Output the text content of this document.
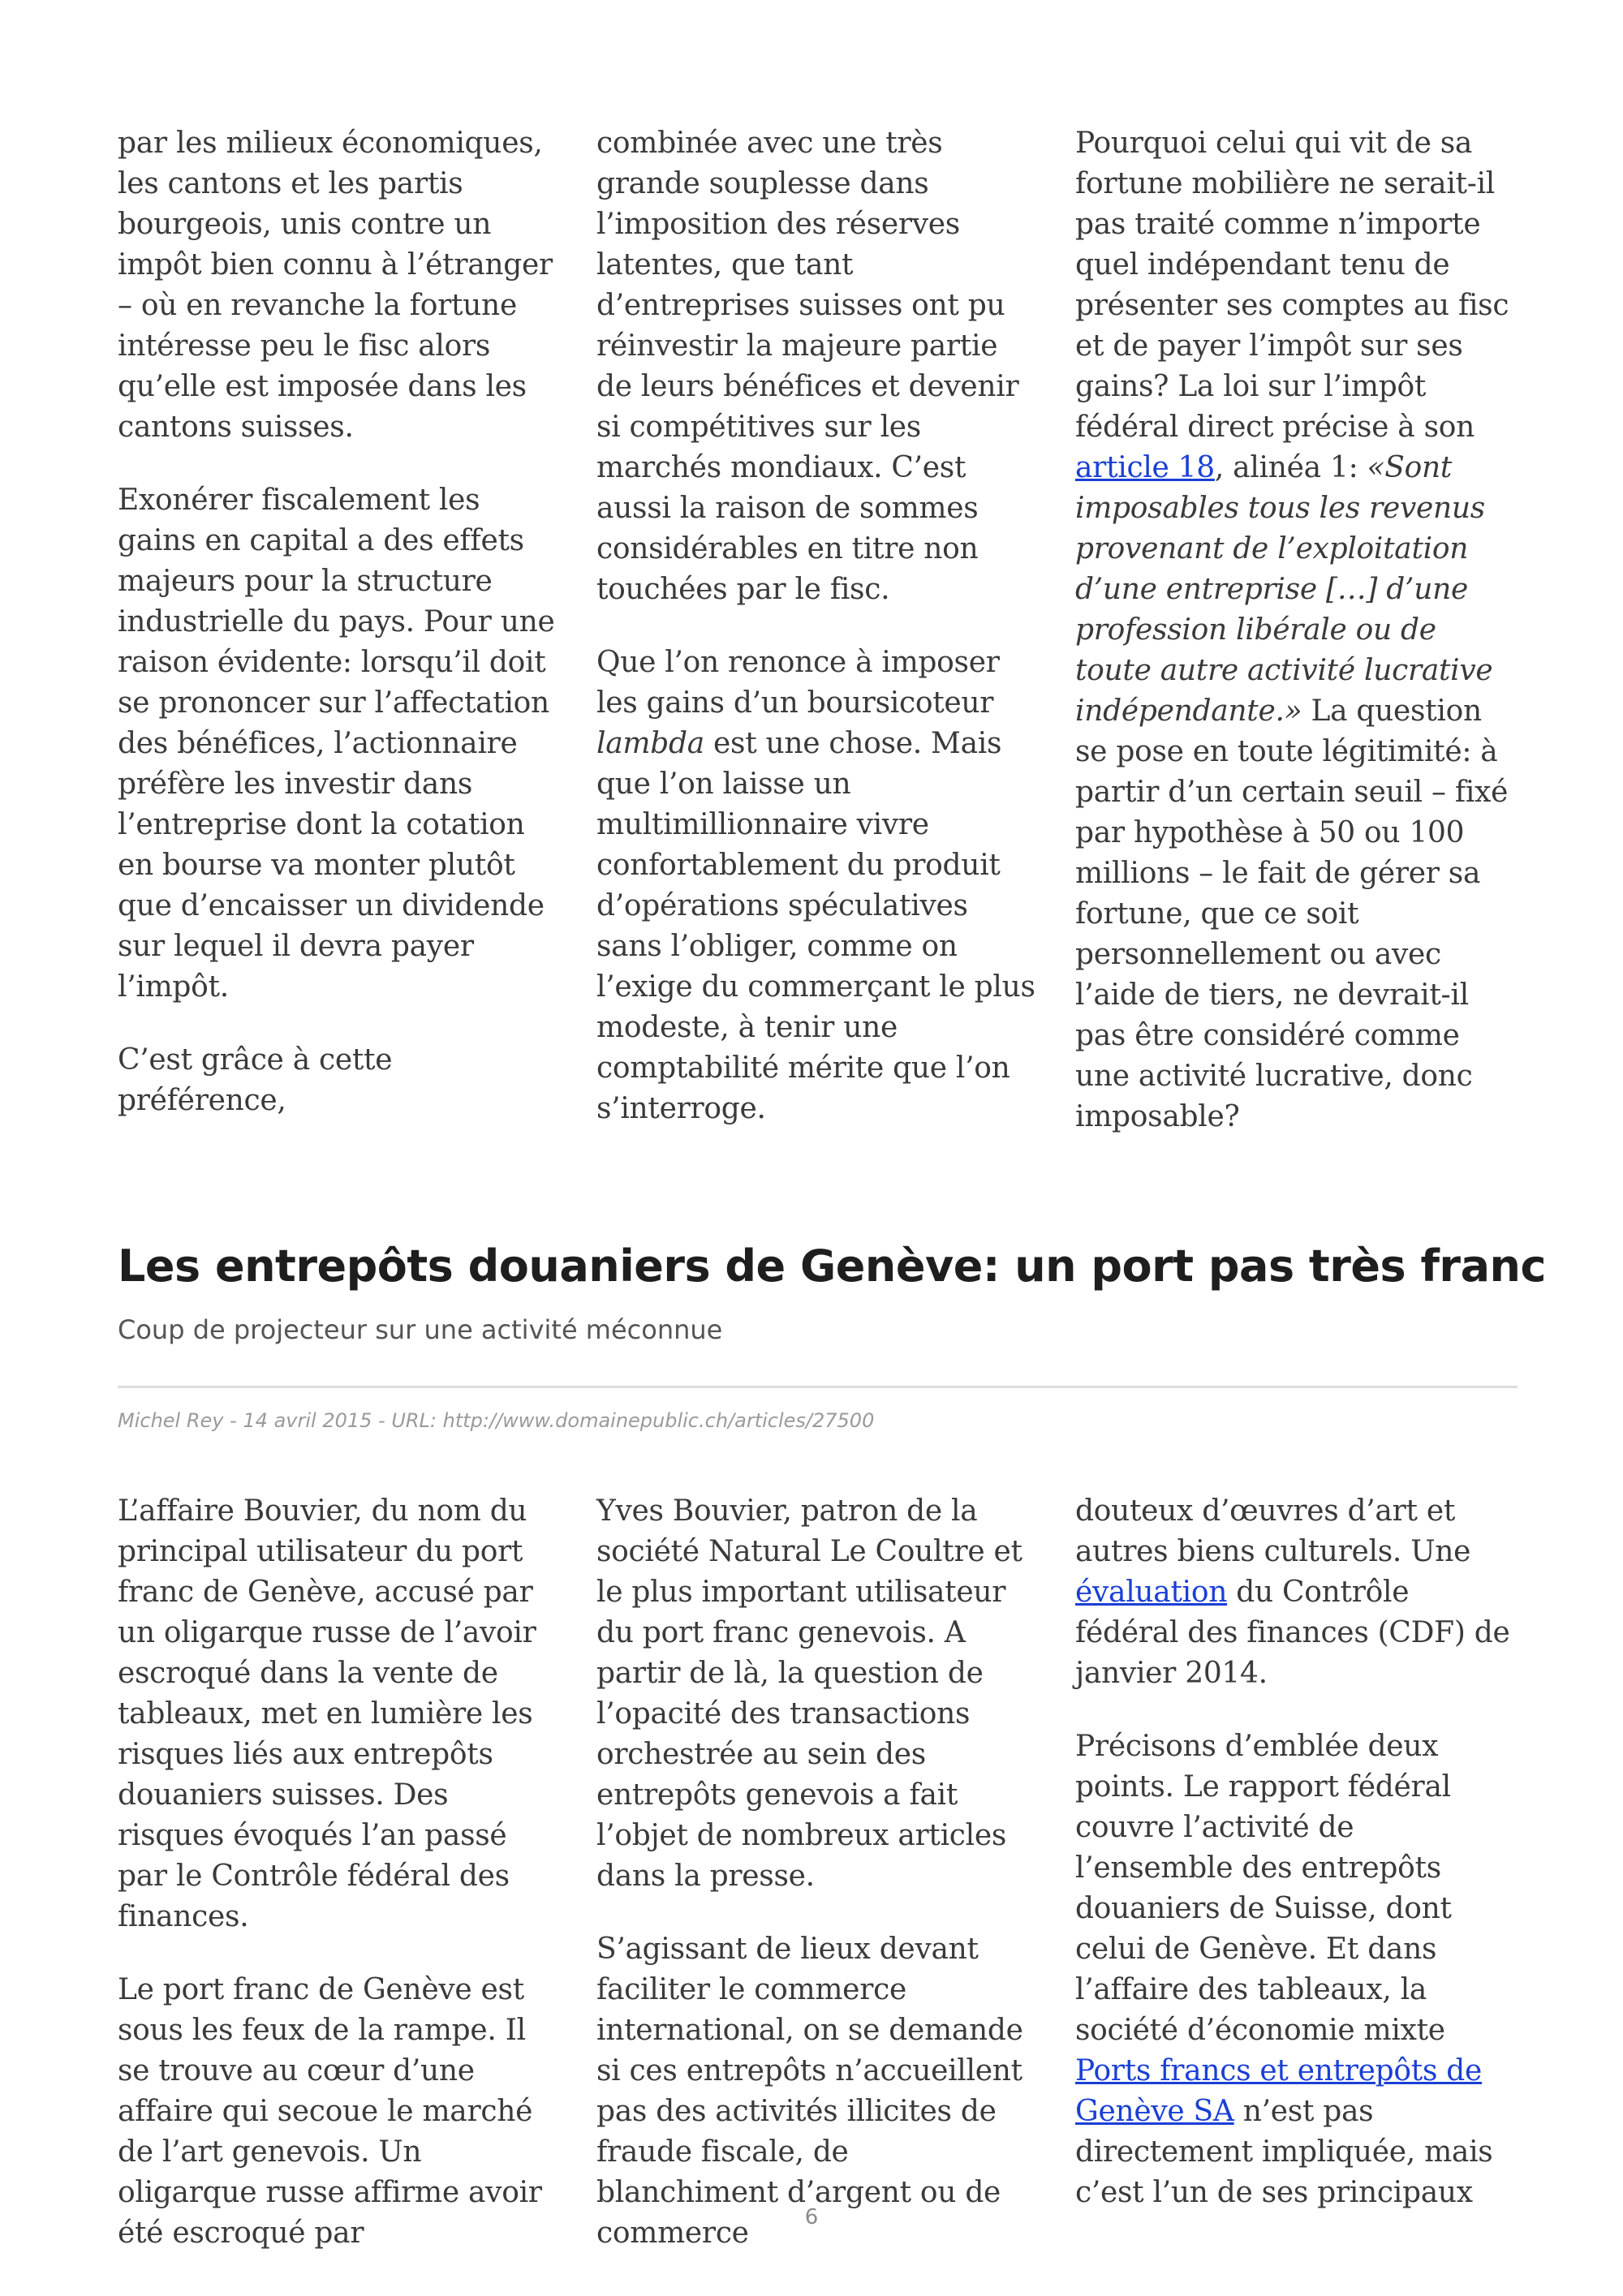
par les milieux économiques, les cantons et les partis bourgeois, unis contre un impôt bien connu à l’étranger – où en revanche la fortune intéresse peu le fisc alors qu’elle est imposée dans les cantons suisses.

Exonérer fiscalement les gains en capital a des effets majeurs pour la structure industrielle du pays. Pour une raison évidente: lorsqu’il doit se prononcer sur l’affectation des bénéfices, l’actionnaire préfère les investir dans l’entreprise dont la cotation en bourse va monter plutôt que d’encaisser un dividende sur lequel il devra payer l’impôt.

C’est grâce à cette préférence,

combinée avec une très grande souplesse dans l’imposition des réserves latentes, que tant d’entreprises suisses ont pu réinvestir la majeure partie de leurs bénéfices et devenir si compétitives sur les marchés mondiaux. C’est aussi la raison de sommes considérables en titre non touchées par le fisc.

Que l’on renonce à imposer les gains d’un boursicoteur lambda est une chose. Mais que l’on laisse un multimillionnaire vivre confortablement du produit d’opérations spéculatives sans l’obliger, comme on l’exige du commerçant le plus modeste, à tenir une comptabilité mérite que l’on s’interroge.

Pourquoi celui qui vit de sa fortune mobilière ne serait-il pas traité comme n’importe quel indépendant tenu de présenter ses comptes au fisc et de payer l’impôt sur ses gains? La loi sur l’impôt fédéral direct précise à son article 18, alinéa 1: «Sont imposables tous les revenus provenant de l’exploitation d’une entreprise […] d’une profession libérale ou de toute autre activité lucrative indépendante.» La question se pose en toute légitimité: à partir d’un certain seuil – fixé par hypothèse à 50 ou 100 millions – le fait de gérer sa fortune, que ce soit personnellement ou avec l’aide de tiers, ne devrait-il pas être considéré comme une activité lucrative, donc imposable?

Les entrepôts douaniers de Genève: un port pas très franc

Coup de projecteur sur une activité méconnue

Michel Rey - 14 avril 2015 - URL: http://www.domainepublic.ch/articles/27500

L’affaire Bouvier, du nom du principal utilisateur du port franc de Genève, accusé par un oligarque russe de l’avoir escroqué dans la vente de tableaux, met en lumière les risques liés aux entrepôts douaniers suisses. Des risques évoqués l’an passé par le Contrôle fédéral des finances.

Le port franc de Genève est sous les feux de la rampe. Il se trouve au cœur d’une affaire qui secoue le marché de l’art genevois. Un oligarque russe affirme avoir été escroqué par

Yves Bouvier, patron de la société Natural Le Coultre et le plus important utilisateur du port franc genevois. A partir de là, la question de l’opacité des transactions orchestrée au sein des entrepôts genevois a fait l’objet de nombreux articles dans la presse.

S’agissant de lieux devant faciliter le commerce international, on se demande si ces entrepôts n’accueillent pas des activités illicites de fraude fiscale, de blanchiment d’argent ou de commerce

douteux d’œuvres d’art et autres biens culturels. Une évaluation du Contrôle fédéral des finances (CDF) de janvier 2014.

Précisons d’emblée deux points. Le rapport fédéral couvre l’activité de l’ensemble des entrepôts douaniers de Suisse, dont celui de Genève. Et dans l’affaire des tableaux, la société d’économie mixte Ports francs et entrepôts de Genève SA n’est pas directement impliquée, mais c’est l’un de ses principaux

6
